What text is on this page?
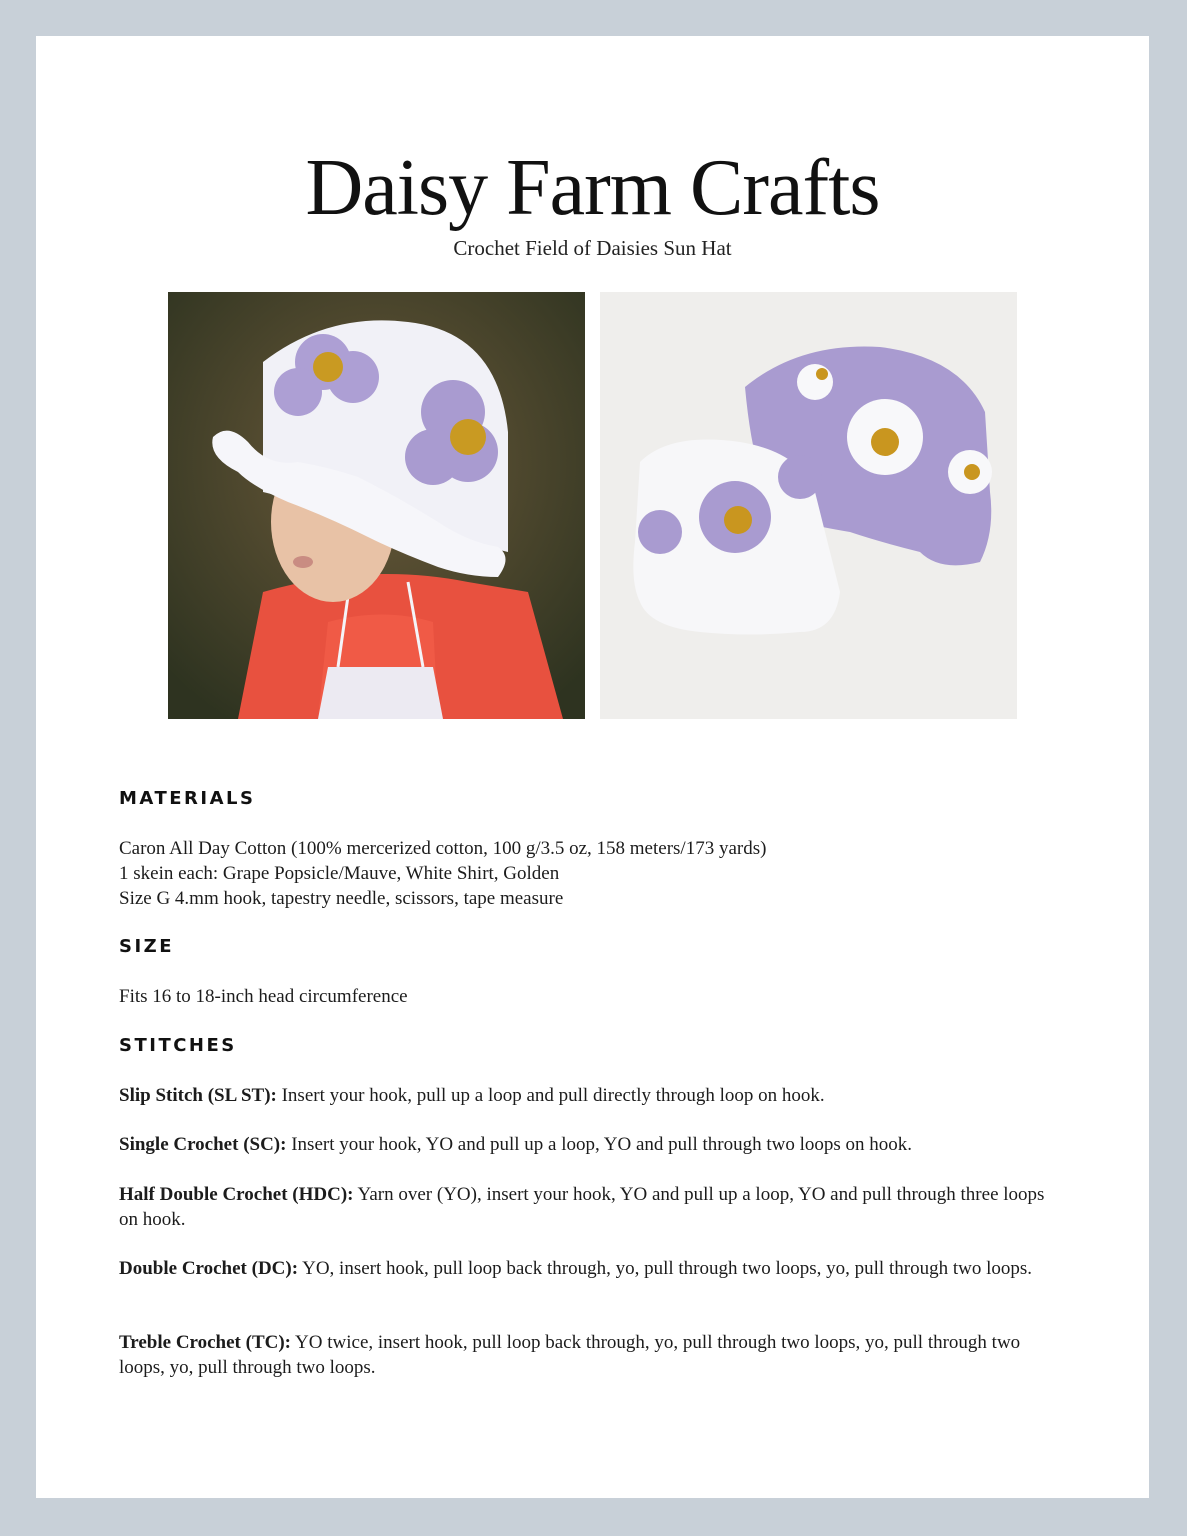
Daisy Farm Crafts
Crochet Field of Daisies Sun Hat
MATERIALS
Caron All Day Cotton (100% mercerized cotton, 100 g/3.5 oz, 158 meters/173 yards)
1 skein each: Grape Popsicle/Mauve, White Shirt, Golden
Size G 4.mm hook, tapestry needle, scissors, tape measure
SIZE
Fits 16 to 18-inch head circumference
STITCHES
Slip Stitch (SL ST): Insert your hook, pull up a loop and pull directly through loop on hook.
Single Crochet (SC): Insert your hook, YO and pull up a loop, YO and pull through two loops on hook.
Half Double Crochet (HDC): Yarn over (YO), insert your hook, YO and pull up a loop, YO and pull through three loops on hook.
Double Crochet (DC): YO, insert hook, pull loop back through, yo, pull through two loops, yo, pull through two loops.
Treble Crochet (TC): YO twice, insert hook, pull loop back through, yo, pull through two loops, yo, pull through two loops, yo, pull through two loops.
